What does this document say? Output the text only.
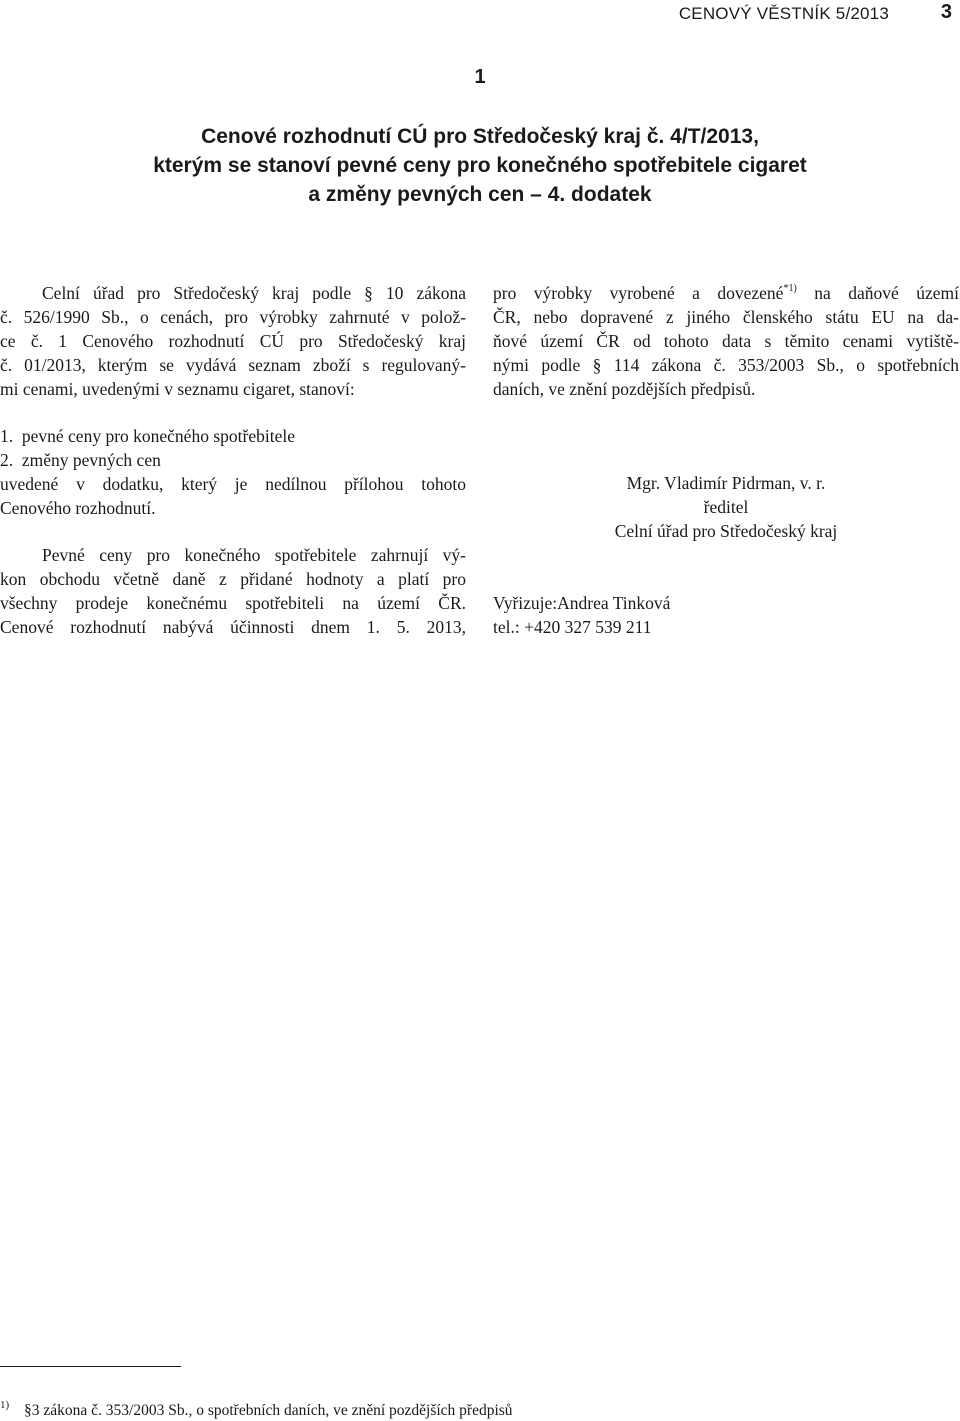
CENOVÝ VĚSTNÍK 5/2013	3
1
Cenové rozhodnutí CÚ pro Středočeský kraj č. 4/T/2013,
kterým se stanoví pevné ceny pro konečného spotřebitele cigaret
a změny pevných cen – 4. dodatek
Celní úřad pro Středočeský kraj podle § 10 zákona
č. 526/1990 Sb., o cenách, pro výrobky zahrnuté v polož-
ce č. 1 Cenového rozhodnutí CÚ pro Středočeský kraj
č. 01/2013, kterým se vydává seznam zboží s regulovaný-
mi cenami, uvedenými v seznamu cigaret, stanoví:
1.  pevné ceny pro konečného spotřebitele
2.  změny pevných cen
uvedené v dodatku, který je nedílnou přílohou tohoto
Cenového rozhodnutí.
Pevné ceny pro konečného spotřebitele zahrnují vý-
kon obchodu včetně daně z přidané hodnoty a platí pro
všechny prodeje konečnému spotřebiteli na území ČR.
Cenové rozhodnutí nabývá účinnosti dnem 1. 5. 2013,
pro výrobky vyrobené a dovezené$^{*1)}$ na daňové území
ČR, nebo dopravené z jiného členského státu EU na da-
ňové území ČR od tohoto data s těmito cenami vytiště-
nými podle § 114 zákona č. 353/2003 Sb., o spotřebních
daních, ve znění pozdějších předpisů.
Mgr. Vladimír Pidrman, v. r.
ředitel
Celní úřad pro Středočeský kraj
Vyřizuje:Andrea Tinková
tel.: +420 327 539 211
1) §3 zákona č. 353/2003 Sb., o spotřebních daních, ve znění pozdějších předpisů
